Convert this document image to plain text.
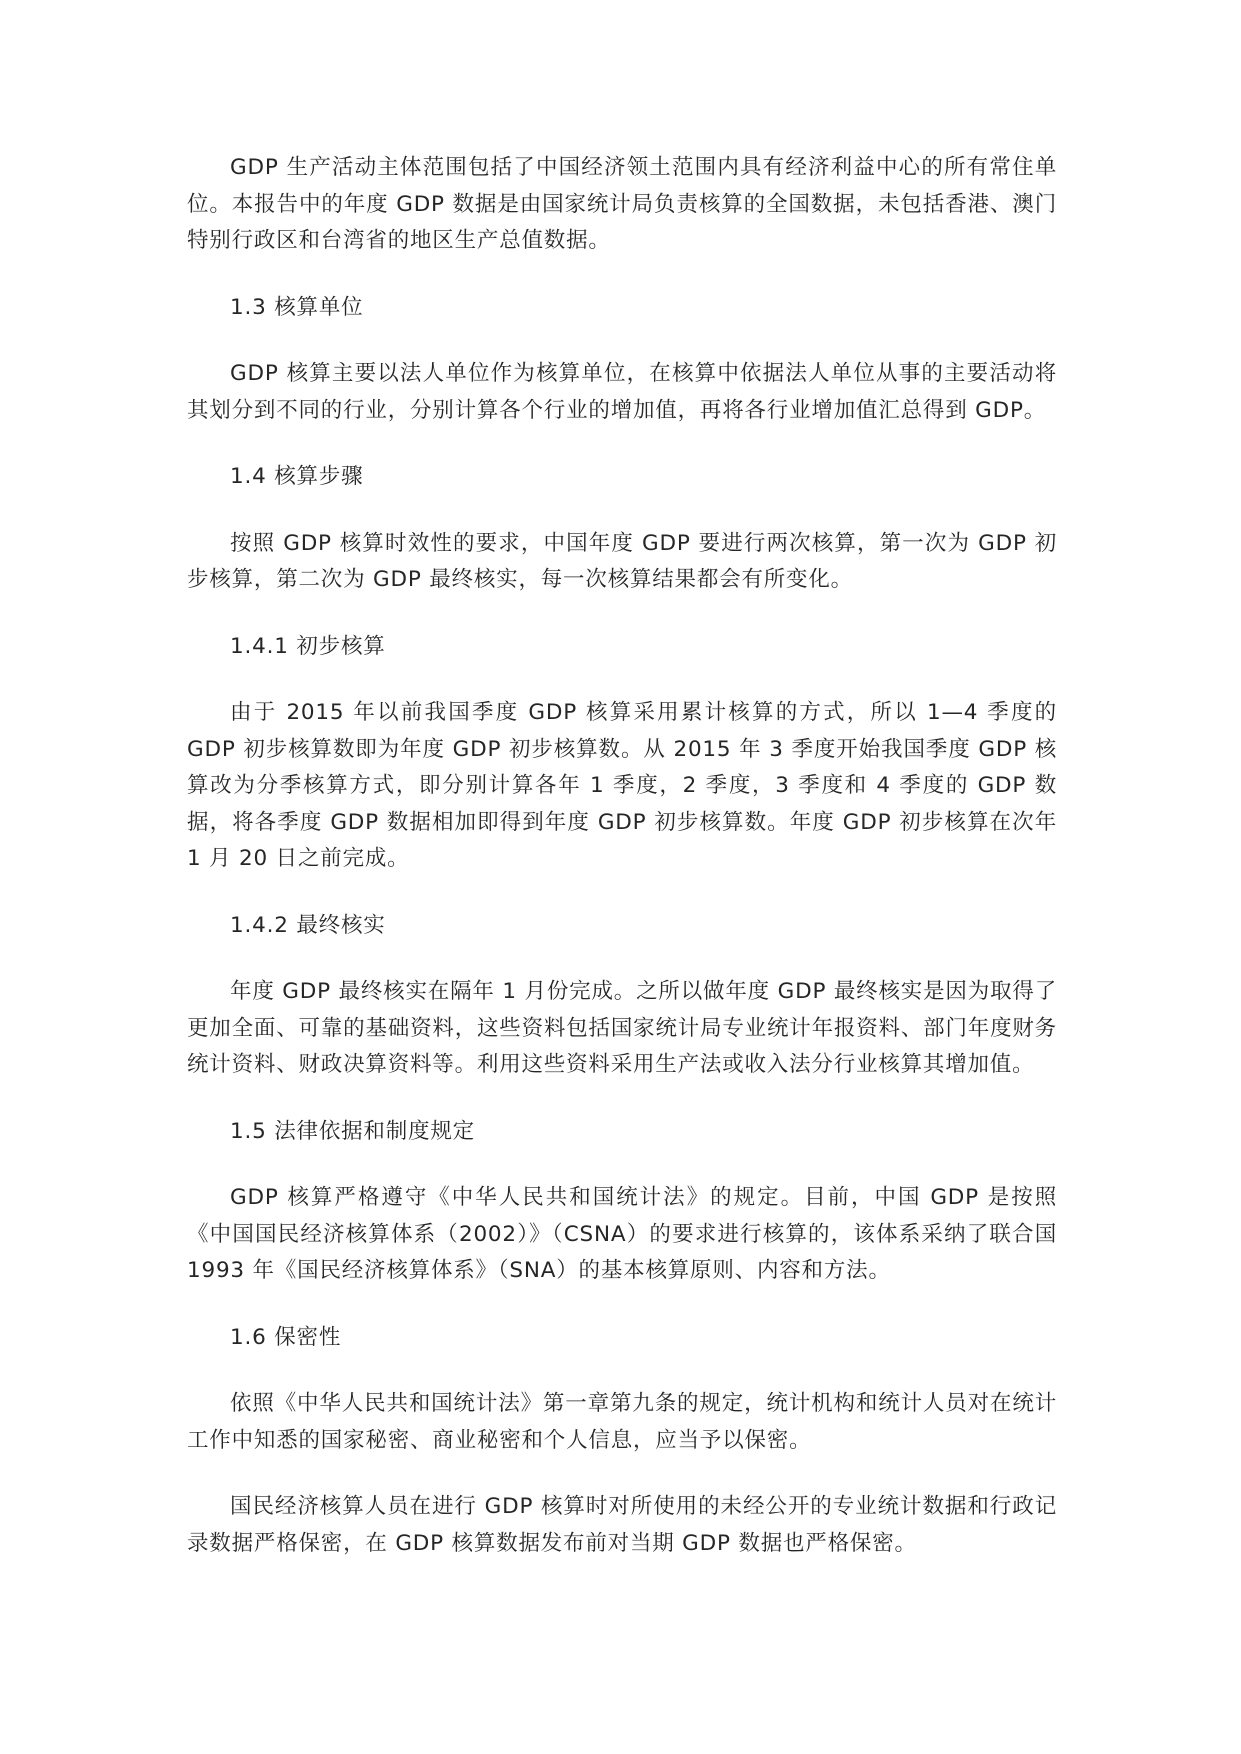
GDP 生产活动主体范围包括了中国经济领土范围内具有经济利益中心的所有常住单位。本报告中的年度 GDP 数据是由国家统计局负责核算的全国数据，未包括香港、澳门特别行政区和台湾省的地区生产总值数据。

1.3 核算单位

GDP 核算主要以法人单位作为核算单位，在核算中依据法人单位从事的主要活动将其划分到不同的行业，分别计算各个行业的增加值，再将各行业增加值汇总得到 GDP。

1.4 核算步骤

按照 GDP 核算时效性的要求，中国年度 GDP 要进行两次核算，第一次为 GDP 初步核算，第二次为 GDP 最终核实，每一次核算结果都会有所变化。

1.4.1 初步核算

由于 2015 年以前我国季度 GDP 核算采用累计核算的方式，所以 1—4 季度的 GDP 初步核算数即为年度 GDP 初步核算数。从 2015 年 3 季度开始我国季度 GDP 核算改为分季核算方式，即分别计算各年 1 季度，2 季度，3 季度和 4 季度的 GDP 数据，将各季度 GDP 数据相加即得到年度 GDP 初步核算数。年度 GDP 初步核算在次年 1 月 20 日之前完成。

1.4.2 最终核实

年度 GDP 最终核实在隔年 1 月份完成。之所以做年度 GDP 最终核实是因为取得了更加全面、可靠的基础资料，这些资料包括国家统计局专业统计年报资料、部门年度财务统计资料、财政决算资料等。利用这些资料采用生产法或收入法分行业核算其增加值。

1.5 法律依据和制度规定

GDP 核算严格遵守《中华人民共和国统计法》的规定。目前，中国 GDP 是按照《中国国民经济核算体系（2002）》（CSNA）的要求进行核算的，该体系采纳了联合国 1993 年《国民经济核算体系》（SNA）的基本核算原则、内容和方法。

1.6 保密性

依照《中华人民共和国统计法》第一章第九条的规定，统计机构和统计人员对在统计工作中知悉的国家秘密、商业秘密和个人信息，应当予以保密。

国民经济核算人员在进行 GDP 核算时对所使用的未经公开的专业统计数据和行政记录数据严格保密，在 GDP 核算数据发布前对当期 GDP 数据也严格保密。
